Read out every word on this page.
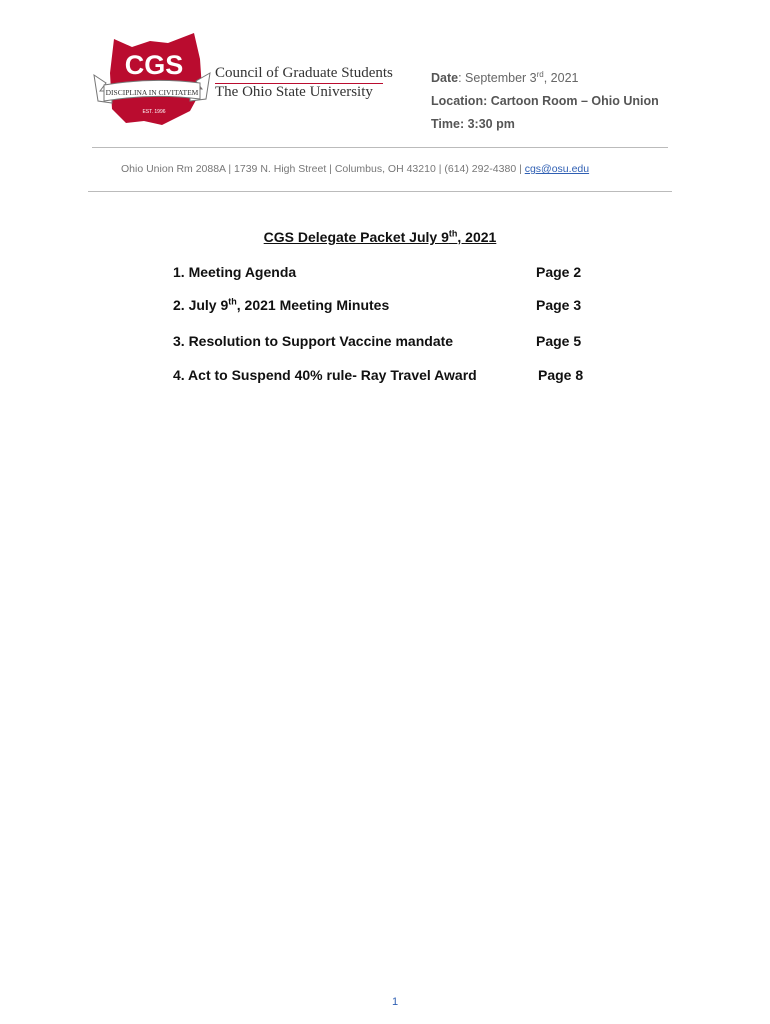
CGS
DISCIPLINA IN CIVITATEM
EST. 1996
Council of Graduate Students
The Ohio State University
Date: September 3rd, 2021
Location: Cartoon Room – Ohio Union
Time: 3:30 pm
Ohio Union Rm 2088A | 1739 N. High Street | Columbus, OH 43210 | (614) 292-4380 | cgs@osu.edu
CGS Delegate Packet July 9th, 2021
1. Meeting Agenda	Page 2
2. July 9th, 2021 Meeting Minutes	Page 3
3. Resolution to Support Vaccine mandate	Page 5
4. Act to Suspend 40% rule- Ray Travel Award	Page 8
1
